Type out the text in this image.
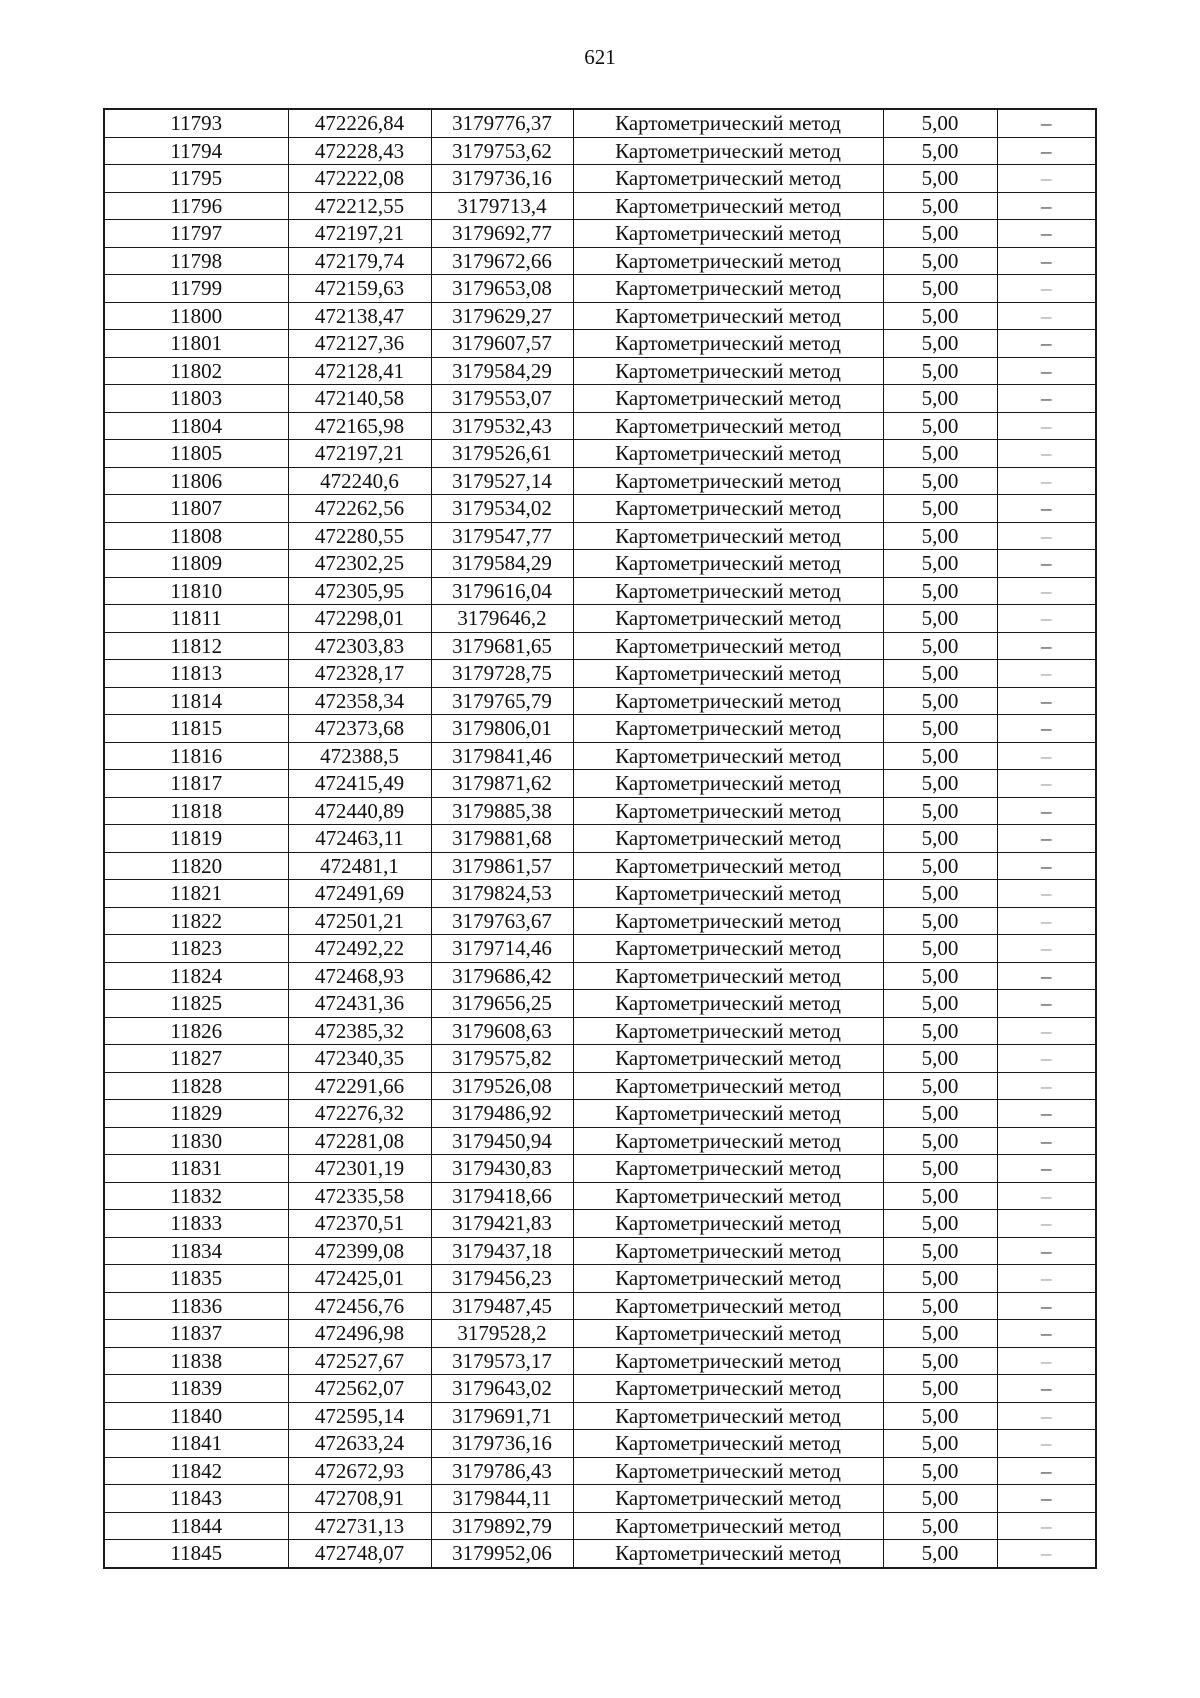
621
11793	472226,84	3179776,37	Картометрический метод	5,00	–
11794	472228,43	3179753,62	Картометрический метод	5,00	–
11795	472222,08	3179736,16	Картометрический метод	5,00	–
11796	472212,55	3179713,4	Картометрический метод	5,00	–
11797	472197,21	3179692,77	Картометрический метод	5,00	–
11798	472179,74	3179672,66	Картометрический метод	5,00	–
11799	472159,63	3179653,08	Картометрический метод	5,00	–
11800	472138,47	3179629,27	Картометрический метод	5,00	–
11801	472127,36	3179607,57	Картометрический метод	5,00	–
11802	472128,41	3179584,29	Картометрический метод	5,00	–
11803	472140,58	3179553,07	Картометрический метод	5,00	–
11804	472165,98	3179532,43	Картометрический метод	5,00	–
11805	472197,21	3179526,61	Картометрический метод	5,00	–
11806	472240,6	3179527,14	Картометрический метод	5,00	–
11807	472262,56	3179534,02	Картометрический метод	5,00	–
11808	472280,55	3179547,77	Картометрический метод	5,00	–
11809	472302,25	3179584,29	Картометрический метод	5,00	–
11810	472305,95	3179616,04	Картометрический метод	5,00	–
11811	472298,01	3179646,2	Картометрический метод	5,00	–
11812	472303,83	3179681,65	Картометрический метод	5,00	–
11813	472328,17	3179728,75	Картометрический метод	5,00	–
11814	472358,34	3179765,79	Картометрический метод	5,00	–
11815	472373,68	3179806,01	Картометрический метод	5,00	–
11816	472388,5	3179841,46	Картометрический метод	5,00	–
11817	472415,49	3179871,62	Картометрический метод	5,00	–
11818	472440,89	3179885,38	Картометрический метод	5,00	–
11819	472463,11	3179881,68	Картометрический метод	5,00	–
11820	472481,1	3179861,57	Картометрический метод	5,00	–
11821	472491,69	3179824,53	Картометрический метод	5,00	–
11822	472501,21	3179763,67	Картометрический метод	5,00	–
11823	472492,22	3179714,46	Картометрический метод	5,00	–
11824	472468,93	3179686,42	Картометрический метод	5,00	–
11825	472431,36	3179656,25	Картометрический метод	5,00	–
11826	472385,32	3179608,63	Картометрический метод	5,00	–
11827	472340,35	3179575,82	Картометрический метод	5,00	–
11828	472291,66	3179526,08	Картометрический метод	5,00	–
11829	472276,32	3179486,92	Картометрический метод	5,00	–
11830	472281,08	3179450,94	Картометрический метод	5,00	–
11831	472301,19	3179430,83	Картометрический метод	5,00	–
11832	472335,58	3179418,66	Картометрический метод	5,00	–
11833	472370,51	3179421,83	Картометрический метод	5,00	–
11834	472399,08	3179437,18	Картометрический метод	5,00	–
11835	472425,01	3179456,23	Картометрический метод	5,00	–
11836	472456,76	3179487,45	Картометрический метод	5,00	–
11837	472496,98	3179528,2	Картометрический метод	5,00	–
11838	472527,67	3179573,17	Картометрический метод	5,00	–
11839	472562,07	3179643,02	Картометрический метод	5,00	–
11840	472595,14	3179691,71	Картометрический метод	5,00	–
11841	472633,24	3179736,16	Картометрический метод	5,00	–
11842	472672,93	3179786,43	Картометрический метод	5,00	–
11843	472708,91	3179844,11	Картометрический метод	5,00	–
11844	472731,13	3179892,79	Картометрический метод	5,00	–
11845	472748,07	3179952,06	Картометрический метод	5,00	–
